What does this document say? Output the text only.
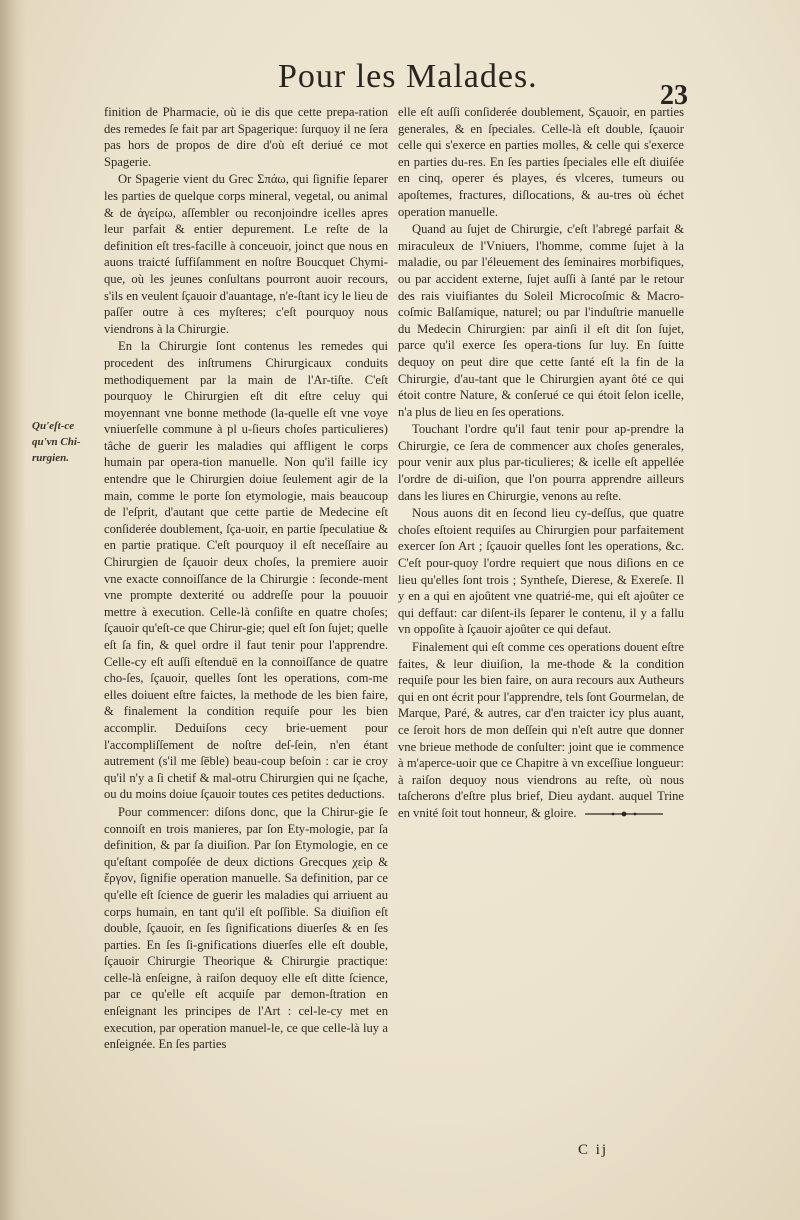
Pour les Malades.
23
Qu'eſt-ce qu'vn Chi-rurgien.

finition de Pharmacie, où ie dis que cette prepa-ration des remedes ſe fait par art Spagerique: ſurquoy il ne ſera pas hors de propos de dire d'où eſt deriué ce mot Spagerie.

Or Spagerie vient du Grec Σπάω, qui ſignifie ſeparer les parties de quelque corps mineral, vegetal, ou animal & de ἀγείρω, aſſembler ou reconjoindre icelles apres leur parfait & entier depurement. Le reſte de la definition eſt tres-facille à conceuoir, joinct que nous en auons traicté ſuffiſamment en noſtre Boucquet Chymi-que, où les jeunes conſultans pourront auoir recours, s'ils en veulent ſçauoir d'auantage, n'e-ſtant icy le lieu de paſſer outre à ces myſteres; c'eſt pourquoy nous viendrons à la Chirurgie.

En la Chirurgie ſont contenus les remedes qui procedent des inſtrumens Chirurgicaux conduits methodiquement par la main de l'Ar-tiſte. C'eſt pourquoy le Chirurgien eſt dit eſtre celuy qui moyennant vne bonne methode (la-quelle eſt vne voye vniuerſelle commune à pl u-ſieurs choſes particulieres) tâche de guerir les maladies qui affligent le corps humain par opera-tion manuelle. Non qu'il faille icy entendre que le Chirurgien doiue ſeulement agir de la main, comme le porte ſon etymologie, mais beaucoup de l'eſprit, d'autant que cette partie de Medecine eſt conſiderée doublement, ſça-uoir, en partie ſpeculatiue & en partie pratique. C'eſt pourquoy il eſt neceſſaire au Chirurgien de ſçauoir deux choſes, la premiere auoir vne exacte connoiſſance de la Chirurgie : ſeconde-ment vne prompte dexterité ou addreſſe pour la pouuoir mettre à execution. Celle-là conſiſte en quatre choſes; ſçauoir qu'eſt-ce que Chirur-gie; quel eſt ſon ſujet; quelle eſt ſa fin, & quel ordre il faut tenir pour l'apprendre. Celle-cy eſt auſſi eſtenduë en la connoiſſance de quatre cho-ſes, ſçauoir, quelles ſont les operations, com-me elles doiuent eſtre faictes, la methode de les bien faire, & finalement la condition requiſe pour les bien accomplir. Deduiſons cecy brie-uement pour l'accompliſſement de noſtre deſ-ſein, n'en étant autrement (s'il me ſēble) beau-coup beſoin : car ie croy qu'il n'y a ſi chetif & mal-otru Chirurgien qui ne ſçache, ou du moins doiue ſçauoir toutes ces petites deductions.

Pour commencer: diſons donc, que la Chirur-gie ſe connoiſt en trois manieres, par ſon Ety-mologie, par ſa definition, & par ſa diuiſion. Par ſon Etymologie, en ce qu'eſtant compoſée de deux dictions Grecques χεὶρ & ἔργον, ſignifie operation manuelle. Sa definition, par ce qu'elle eſt ſcience de guerir les maladies qui arriuent au corps humain, en tant qu'il eſt poſſible. Sa diuiſion eſt double, ſçauoir, en ſes ſignifications diuerſes & en ſes parties. En ſes ſi-gnifications diuerſes elle eſt double, ſçauoir Chirurgie Theorique & Chirurgie practique: celle-là enſeigne, à raiſon dequoy elle eſt ditte ſcience, par ce qu'elle eſt acquiſe par demon-ſtration en enſeignant les principes de l'Art : cel-le-cy met en execution, par operation manuel-le, ce que celle-là luy a enſeignée. En ſes parties

elle eſt auſſi conſiderée doublement, Sçauoir, en parties generales, & en ſpeciales. Celle-là eſt double, ſçauoir celle qui s'exerce en parties molles, & celle qui s'exerce en parties du-res. En ſes parties ſpeciales elle eſt diuiſée en cinq, operer és playes, és vlceres, tumeurs ou apoſtemes, fractures, diſlocations, & au-tres où échet operation manuelle.

Quand au ſujet de Chirurgie, c'eſt l'abregé parfait & miraculeux de l'Vniuers, l'homme, comme ſujet à la maladie, ou par l'éleuement des ſeminaires morbifiques, ou par accident externe, ſujet auſſi à ſanté par le retour des rais viuifiantes du Soleil Microcoſmic & Macro-coſmic Balſamique, naturel; ou par l'induſtrie manuelle du Medecin Chirurgien: par ainſi il eſt dit ſon ſujet, parce qu'il exerce ſes opera-tions ſur luy. En ſuitte dequoy on peut dire que cette ſanté eſt la fin de la Chirurgie, d'au-tant que le Chirurgien ayant ôté ce qui étoit contre Nature, & conſerué ce qui étoit ſelon icelle, n'a plus de lieu en ſes operations.

Touchant l'ordre qu'il faut tenir pour ap-prendre la Chirurgie, ce ſera de commencer aux choſes generales, pour venir aux plus par-ticulieres; & icelle eſt appellée l'ordre de di-uiſion, que l'on pourra apprendre ailleurs dans les liures en Chirurgie, venons au reſte.

Nous auons dit en ſecond lieu cy-deſſus, que quatre choſes eſtoient requiſes au Chirurgien pour parfaitement exercer ſon Art ; ſçauoir quelles ſont les operations, &c. C'eſt pour-quoy l'ordre requiert que nous diſions en ce lieu qu'elles ſont trois ; Syntheſe, Dierese, & Exereſe. Il y en a qui en ajoûtent vne quatrié-me, qui eſt ajoûter ce qui deffaut: car diſent-ils ſeparer le contenu, il y a fallu vn oppoſite à ſçauoir ajoûter ce qui defaut.

Finalement qui eſt comme ces operations douent eſtre faites, & leur diuiſion, la me-thode & la condition requiſe pour les bien faire, on aura recours aux Autheurs qui en ont écrit pour l'apprendre, tels ſont Gourmelan, de Marque, Paré, & autres, car d'en traicter icy plus auant, ce ſeroit hors de mon deſſein qui n'eſt autre que donner vne brieue methode de conſulter: joint que ie commence à m'aperce-uoir que ce Chapitre à vn exceſſiue longueur: à raiſon dequoy nous viendrons au reſte, où nous taſcherons d'eſtre plus brief, Dieu aydant. auquel Trine en vnité ſoit tout honneur, & gloire.

C ij
